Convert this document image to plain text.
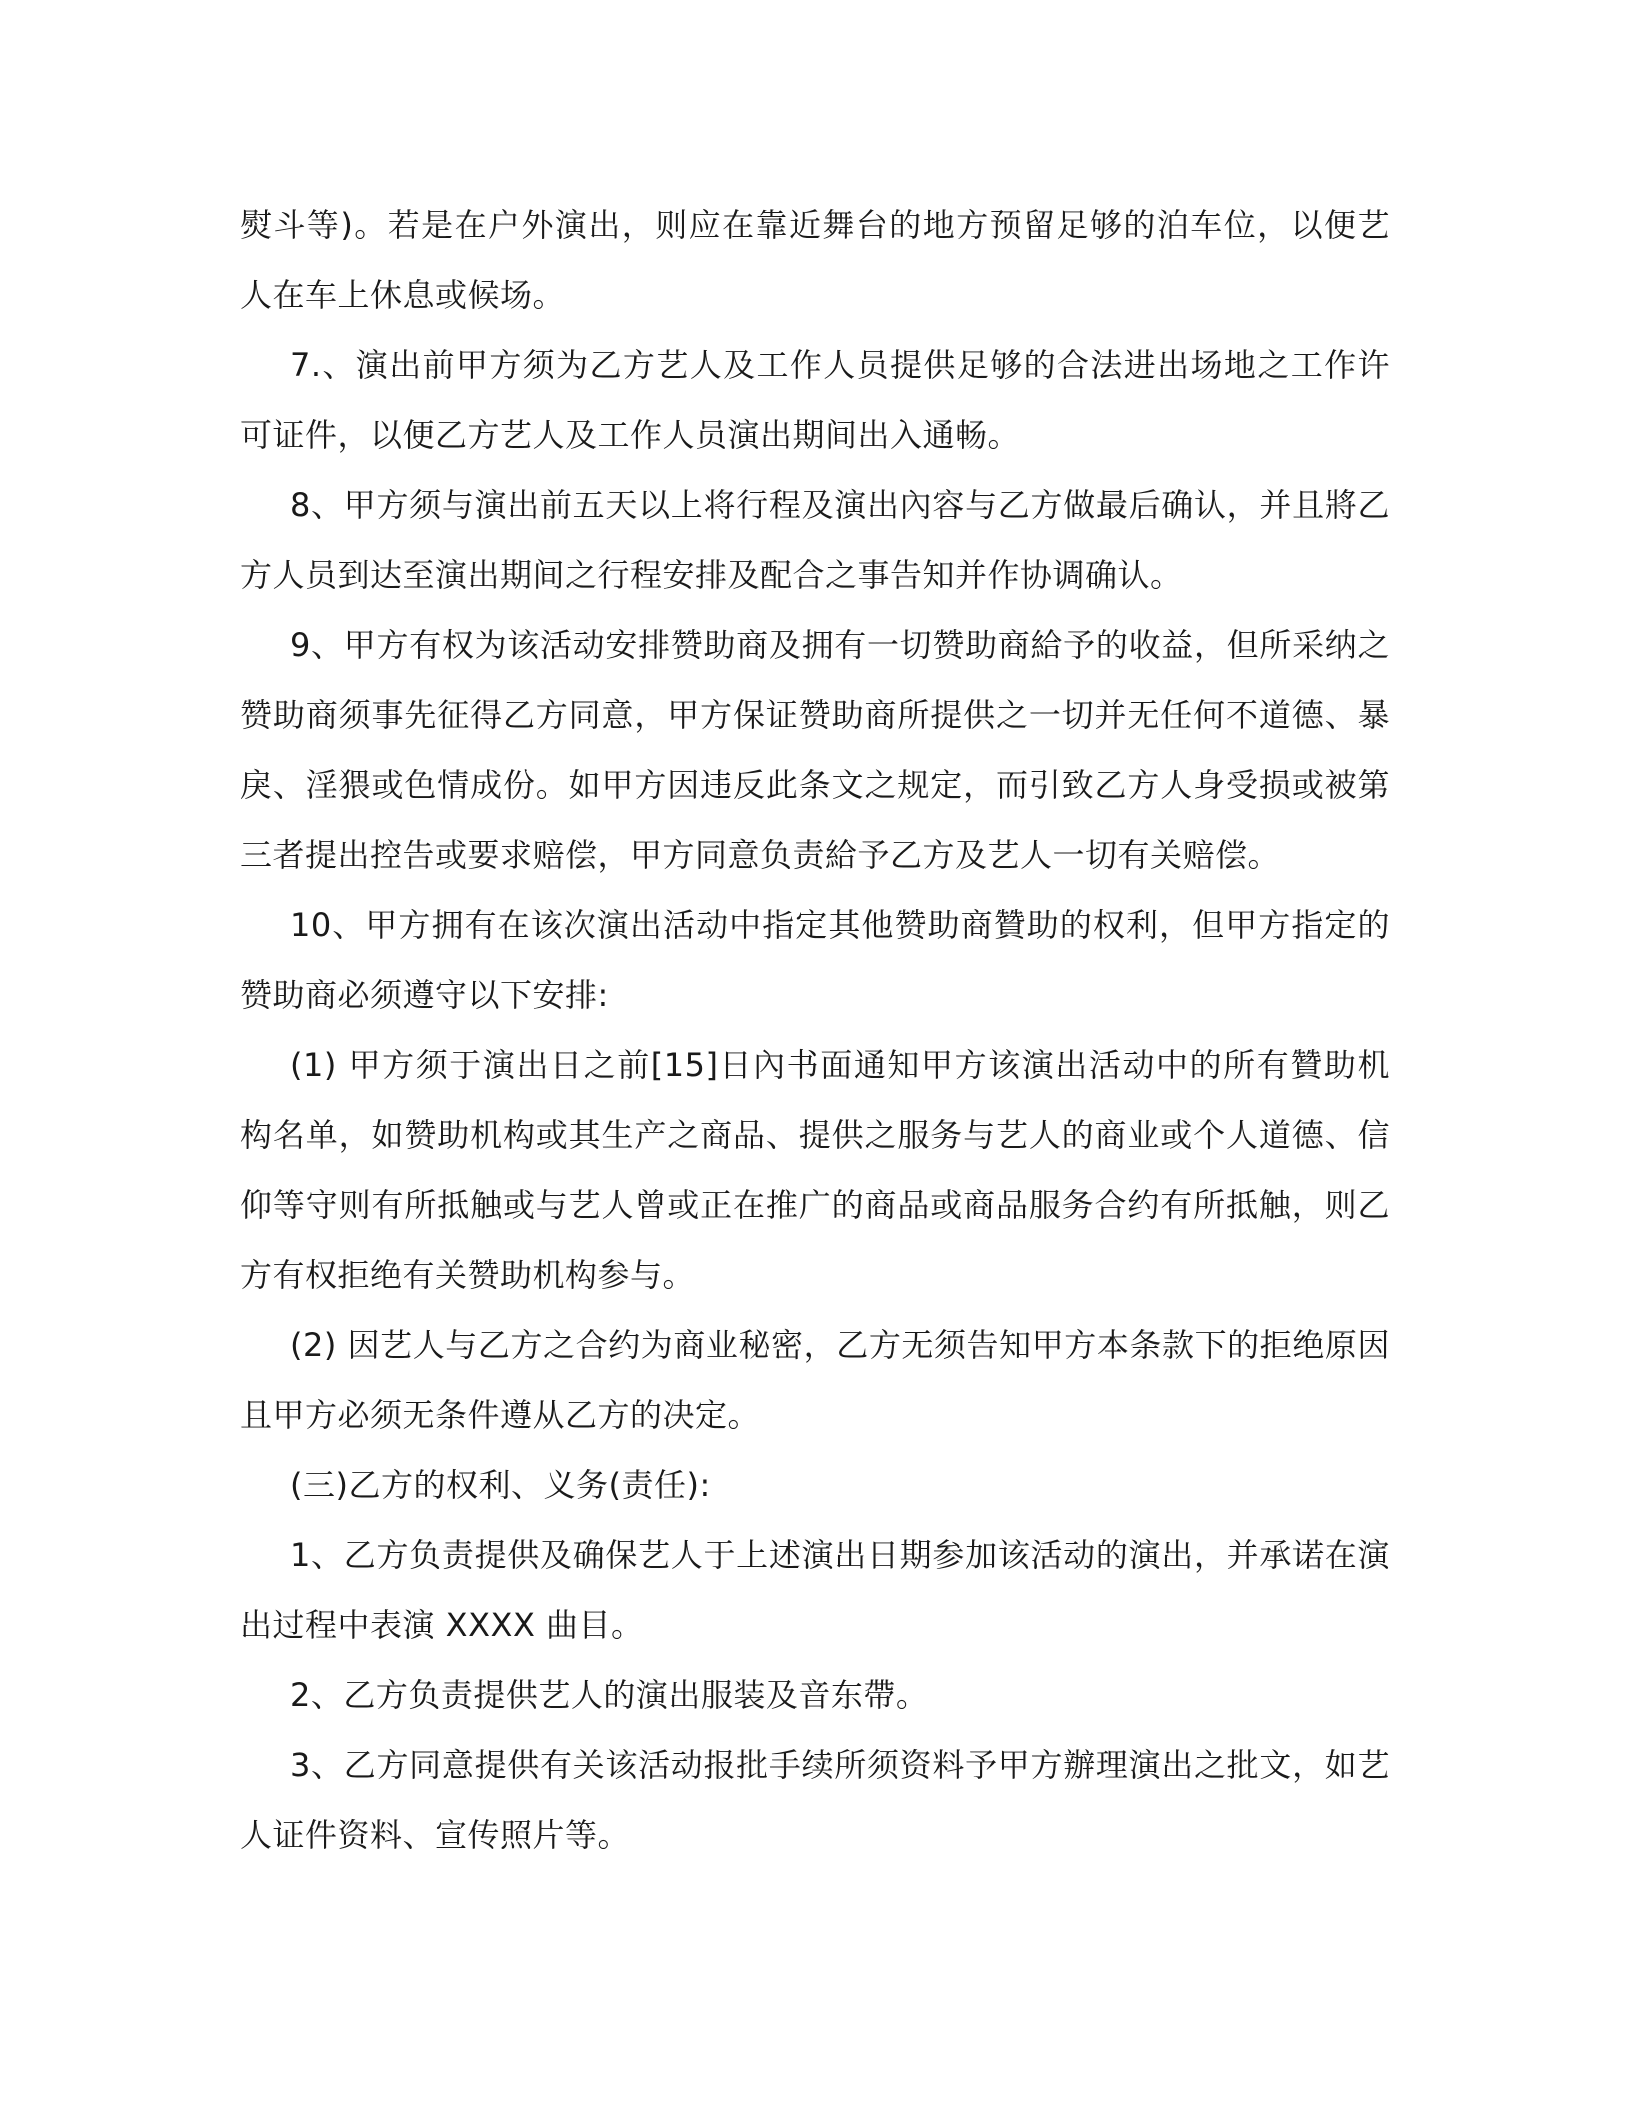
熨斗等)。若是在户外演出，则应在靠近舞台的地方预留足够的泊车位，以便艺人在车上休息或候场。

7.、演出前甲方须为乙方艺人及工作人员提供足够的合法进出场地之工作许可证件，以便乙方艺人及工作人员演出期间出入通畅。

8、甲方须与演出前五天以上将行程及演出內容与乙方做最后确认，并且將乙方人员到达至演出期间之行程安排及配合之事告知并作协调确认。

9、甲方有权为该活动安排赞助商及拥有一切赞助商給予的收益，但所采纳之赞助商须事先征得乙方同意，甲方保证赞助商所提供之一切并无任何不道德、暴戾、淫猥或色情成份。如甲方因违反此条文之规定，而引致乙方人身受损或被第三者提出控告或要求赔偿，甲方同意负责給予乙方及艺人一切有关赔偿。

10、甲方拥有在该次演出活动中指定其他赞助商贊助的权利，但甲方指定的赞助商必须遵守以下安排:

(1) 甲方须于演出日之前[15]日內书面通知甲方该演出活动中的所有贊助机构名单，如赞助机构或其生产之商品、提供之服务与艺人的商业或个人道德、信仰等守则有所抵触或与艺人曾或正在推广的商品或商品服务合约有所抵触，则乙方有权拒绝有关赞助机构参与。

(2) 因艺人与乙方之合约为商业秘密，乙方无须告知甲方本条款下的拒绝原因且甲方必须无条件遵从乙方的决定。

(三)乙方的权利、义务(责任):

1、乙方负责提供及确保艺人于上述演出日期参加该活动的演出，并承诺在演出过程中表演 XXXX 曲目。

2、乙方负责提供艺人的演出服装及音东帶。

3、乙方同意提供有关该活动报批手续所须资料予甲方辦理演出之批文，如艺人证件资料、宣传照片等。
